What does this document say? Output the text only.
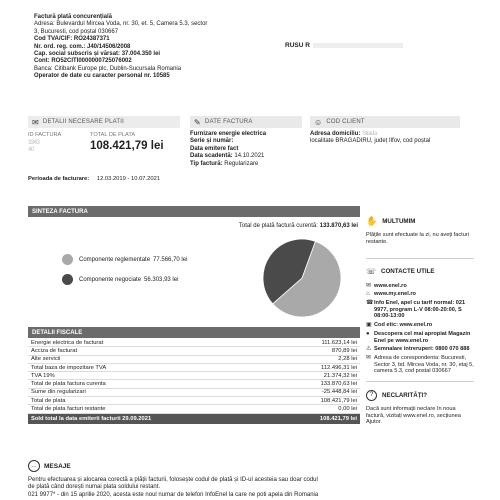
Factură plată concurențială
Adresa: Bulevardul Mircea Voda, nr. 30, et. 5, Camera 5.3, sector
3, Bucuresti, cod poștal 030667
Cod TVA/CIF: RO24387371
Nr. ord. reg. com.: J40/14506/2008
Cap. social subscris și vărsat: 37.004.350 lei
Cont: RO52CITI0000000725076002
Banca: Citibank Europe plc, Dublin-Sucursala Romania
Operator de date cu caracter personal nr. 10585
RUSU R
✉ DETALII NECESARE PLATII
ID FACTURA
3343
40
TOTAL DE PLATA
108.421,79 lei
Perioada de facturare: 12.03.2019 - 10.07.2021
✎ DATE FACTURA
Furnizare energie electrica
Serie și număr:
Data emitere fact
Data scadentă: 14.10.2021
Tip factură: Regularizare
☺ COD CLIENT
Adresa domiciliu: Strada
localitate BRAGADIRU, județ Ilfov, cod poștal
SINTEZA FACTURA
Total de plată factură curentă: 133.870,63 lei
Componente reglementate 77.566,70 lei
Componente negociate 56.303,93 lei
DETALII FISCALE
Energie electrica de facturat	111.623,14 lei
Acciza de facturat	870,89 lei
Alte servicii	2,28 lei
Total baza de impozitare TVA	112.496,31 lei
TVA 19%	21.374,32 lei
Total de plata factura curenta	133.870,63 lei
Sume din regularizari	-25.448,84 lei
Total de plata	108.421,79 lei
Total de plata facturi restante	0,00 lei
Sold total la data emiterii facturii 29.09.2021	108.421,79 lei
…	MESAJE
Pentru efectuarea și alocarea corectă a plății facturii, folosește codul de plată și ID-ul acesteia sau doar codul
de plată când dorești numai plata soldului restant.
021 9977* - din 15 aprilie 2020, acesta este noul numar de telefon InfoEnel la care ne poti apela din Romania
✋ MULTUMIM
Plățile sunt efectuate la zi, nu aveți facturi restante.
☏ CONTACTE UTILE
✉ www.enel.ro
⌂ www.my.enel.ro
☎ Info Enel, apel cu tarif normal: 021 9977, program L-V 08:00-20:00, S 08:00-13:00
▣ Cod etic: www.enel.ro
● Descopera cel mai apropiat Magazin Enel pe www.enel.ro
⚠ Semnalare intreruperi: 0800 070 888
✉ Adresa de corespondenta: Bucuresti, Sector 3, bd. Mircea Voda, nr. 30, etaj 5, camera 5.3, cod postal 030667
?	NECLARITĂȚI?
Dacă sunt informații neclare în noua factură, vizitați www.enel.ro, secțiunea Ajutor.
